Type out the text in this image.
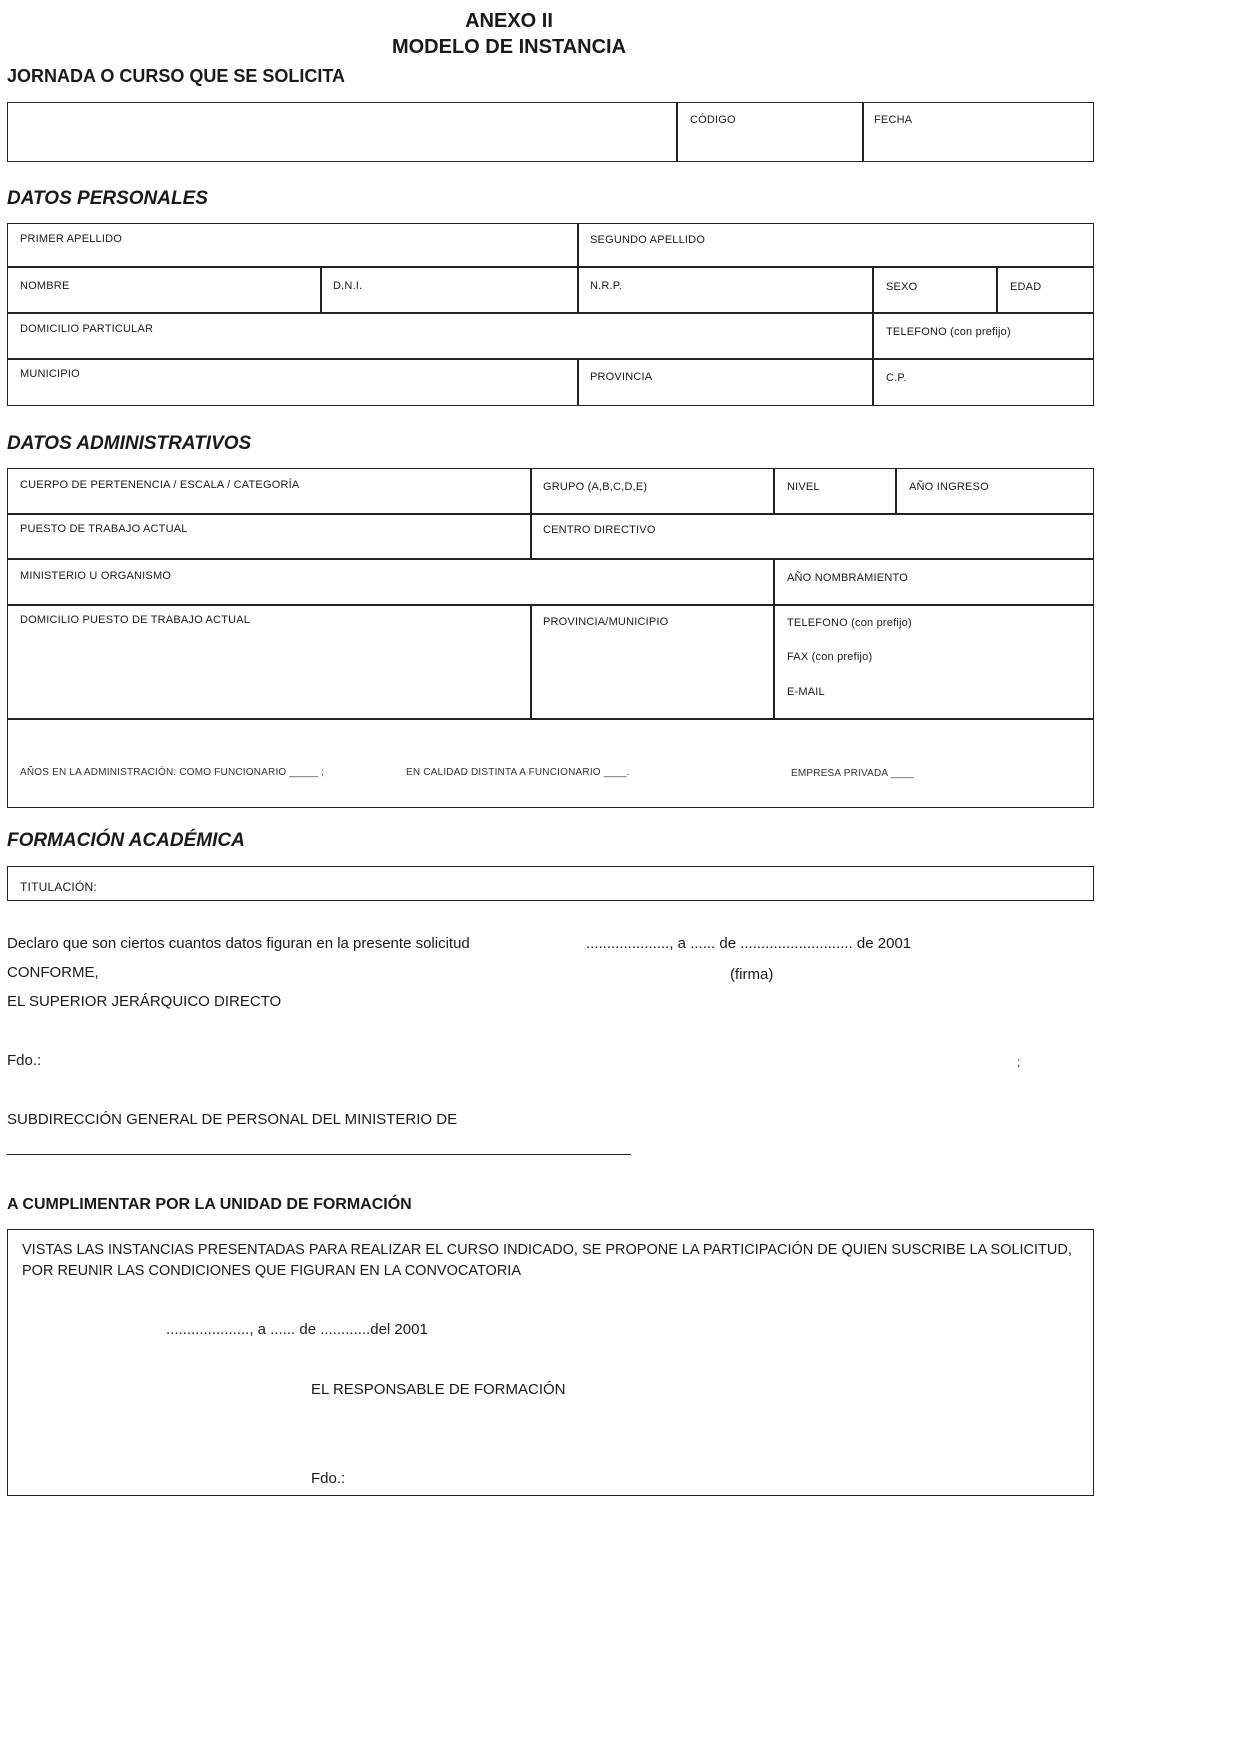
ANEXO II
MODELO DE INSTANCIA
JORNADA O CURSO QUE SE SOLICITA
CÓDIGO	FECHA
DATOS PERSONALES
PRIMER APELLIDO	SEGUNDO APELLIDO
NOMBRE	D.N.I.	N.R.P.	SEXO	EDAD
DOMICILIO PARTICULAR	TELEFONO (con prefijo)
MUNICIPIO	PROVINCIA	C.P.
DATOS ADMINISTRATIVOS
CUERPO DE PERTENENCIA / ESCALA / CATEGORÍA	GRUPO (A,B,C,D,E)	NIVEL	AÑO INGRESO
PUESTO DE TRABAJO ACTUAL	CENTRO DIRECTIVO
MINISTERIO U ORGANISMO	AÑO NOMBRAMIENTO
DOMICILIO PUESTO DE TRABAJO ACTUAL	PROVINCIA/MUNICIPIO	TELEFONO (con prefijo)
FAX (con prefijo)
E-MAIL
AÑOS EN LA ADMINISTRACIÓN: COMO FUNCIONARIO _____ ;	EN CALIDAD DISTINTA A FUNCIONARIO ____.	EMPRESA PRIVADA ____
FORMACIÓN ACADÉMICA
TITULACIÓN:
Declaro que son ciertos cuantos datos figuran en la presente solicitud	...................., a ...... de ........................... de 2001
(firma)
CONFORME,
EL SUPERIOR JERÁRQUICO DIRECTO
Fdo.:	;
SUBDIRECCIÓN GENERAL DE PERSONAL DEL MINISTERIO DE
A CUMPLIMENTAR POR LA UNIDAD DE FORMACIÓN
VISTAS LAS INSTANCIAS PRESENTADAS PARA REALIZAR EL CURSO INDICADO, SE PROPONE LA PARTICIPACIÓN DE QUIEN SUSCRIBE LA SOLICITUD, POR REUNIR LAS CONDICIONES QUE FIGURAN EN LA CONVOCATORIA
...................., a ...... de ............del 2001
EL RESPONSABLE DE FORMACIÓN
Fdo.:
